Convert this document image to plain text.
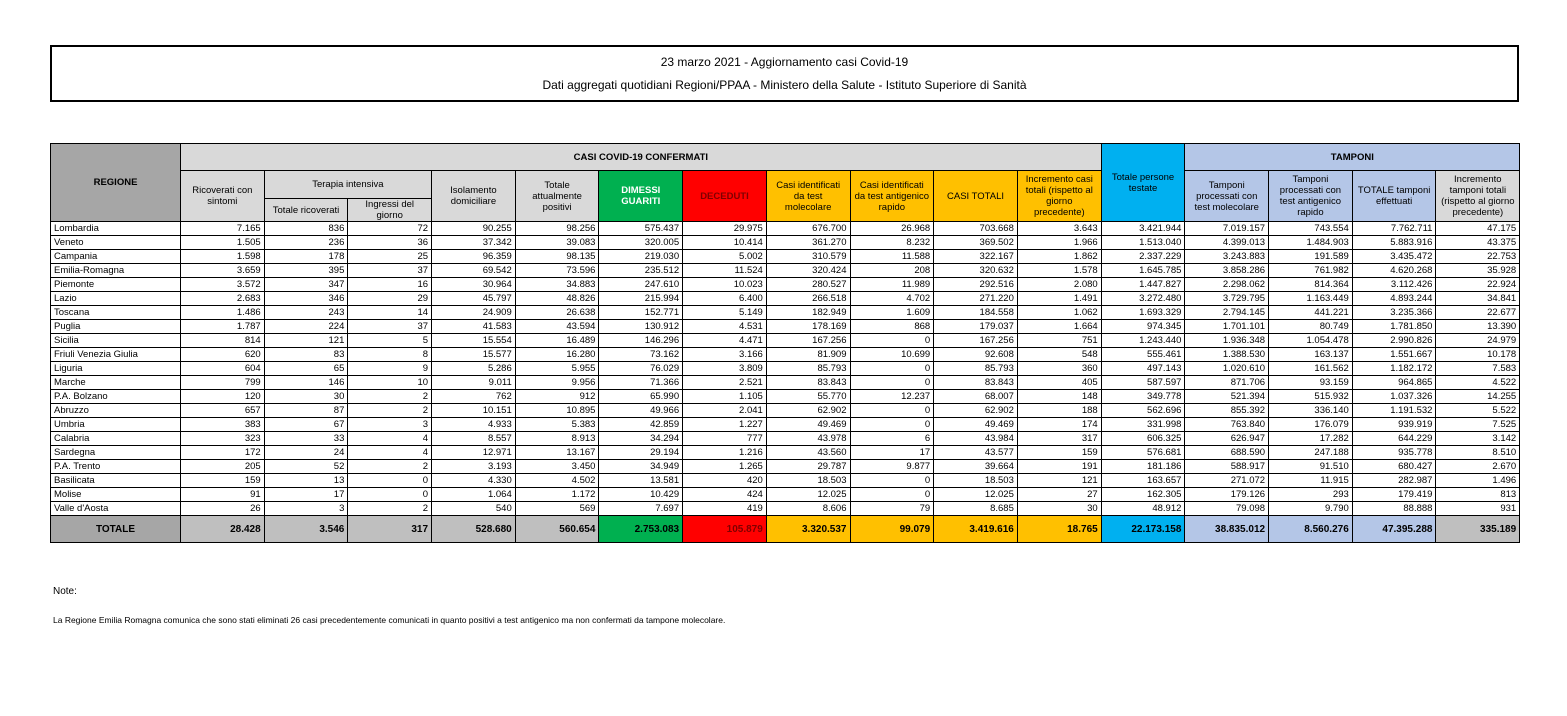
23 marzo 2021 - Aggiornamento casi Covid-19
Dati aggregati quotidiani Regioni/PPAA - Ministero della Salute - Istituto Superiore di Sanità
REGIONE	CASI COVID-19 CONFERMATI											Totale persone testate	TAMPONI			
	Ricoverati con sintomi	Terapia intensiva		Isolamento domiciliare	Totale attualmente positivi	DIMESSI GUARITI	DECEDUTI	Casi identificati da test molecolare	Casi identificati da test antigenico rapido	CASI TOTALI	Incremento casi totali (rispetto al giorno precedente)		Tamponi processati con test molecolare	Tamponi processati con test antigenico rapido	TOTALE tamponi effettuati	Incremento tamponi totali (rispetto al giorno precedente)
		Totale ricoverati	Ingressi del giorno													
Lombardia	7.165	836	72	90.255	98.256	575.437	29.975	676.700	26.968	703.668	3.643	3.421.944	7.019.157	743.554	7.762.711	47.175
Veneto	1.505	236	36	37.342	39.083	320.005	10.414	361.270	8.232	369.502	1.966	1.513.040	4.399.013	1.484.903	5.883.916	43.375
Campania	1.598	178	25	96.359	98.135	219.030	5.002	310.579	11.588	322.167	1.862	2.337.229	3.243.883	191.589	3.435.472	22.753
Emilia-Romagna	3.659	395	37	69.542	73.596	235.512	11.524	320.424	208	320.632	1.578	1.645.785	3.858.286	761.982	4.620.268	35.928
Piemonte	3.572	347	16	30.964	34.883	247.610	10.023	280.527	11.989	292.516	2.080	1.447.827	2.298.062	814.364	3.112.426	22.924
Lazio	2.683	346	29	45.797	48.826	215.994	6.400	266.518	4.702	271.220	1.491	3.272.480	3.729.795	1.163.449	4.893.244	34.841
Toscana	1.486	243	14	24.909	26.638	152.771	5.149	182.949	1.609	184.558	1.062	1.693.329	2.794.145	441.221	3.235.366	22.677
Puglia	1.787	224	37	41.583	43.594	130.912	4.531	178.169	868	179.037	1.664	974.345	1.701.101	80.749	1.781.850	13.390
Sicilia	814	121	5	15.554	16.489	146.296	4.471	167.256	0	167.256	751	1.243.440	1.936.348	1.054.478	2.990.826	24.979
Friuli Venezia Giulia	620	83	8	15.577	16.280	73.162	3.166	81.909	10.699	92.608	548	555.461	1.388.530	163.137	1.551.667	10.178
Liguria	604	65	9	5.286	5.955	76.029	3.809	85.793	0	85.793	360	497.143	1.020.610	161.562	1.182.172	7.583
Marche	799	146	10	9.011	9.956	71.366	2.521	83.843	0	83.843	405	587.597	871.706	93.159	964.865	4.522
P.A. Bolzano	120	30	2	762	912	65.990	1.105	55.770	12.237	68.007	148	349.778	521.394	515.932	1.037.326	14.255
Abruzzo	657	87	2	10.151	10.895	49.966	2.041	62.902	0	62.902	188	562.696	855.392	336.140	1.191.532	5.522
Umbria	383	67	3	4.933	5.383	42.859	1.227	49.469	0	49.469	174	331.998	763.840	176.079	939.919	7.525
Calabria	323	33	4	8.557	8.913	34.294	777	43.978	6	43.984	317	606.325	626.947	17.282	644.229	3.142
Sardegna	172	24	4	12.971	13.167	29.194	1.216	43.560	17	43.577	159	576.681	688.590	247.188	935.778	8.510
P.A. Trento	205	52	2	3.193	3.450	34.949	1.265	29.787	9.877	39.664	191	181.186	588.917	91.510	680.427	2.670
Basilicata	159	13	0	4.330	4.502	13.581	420	18.503	0	18.503	121	163.657	271.072	11.915	282.987	1.496
Molise	91	17	0	1.064	1.172	10.429	424	12.025	0	12.025	27	162.305	179.126	293	179.419	813
Valle d'Aosta	26	3	2	540	569	7.697	419	8.606	79	8.685	30	48.912	79.098	9.790	88.888	931
TOTALE	28.428	3.546	317	528.680	560.654	2.753.083	105.879	3.320.537	99.079	3.419.616	18.765	22.173.158	38.835.012	8.560.276	47.395.288	335.189
Note:
La Regione Emilia Romagna comunica che sono stati eliminati 26 casi precedentemente comunicati in quanto positivi a test antigenico ma non confermati da tampone molecolare.
